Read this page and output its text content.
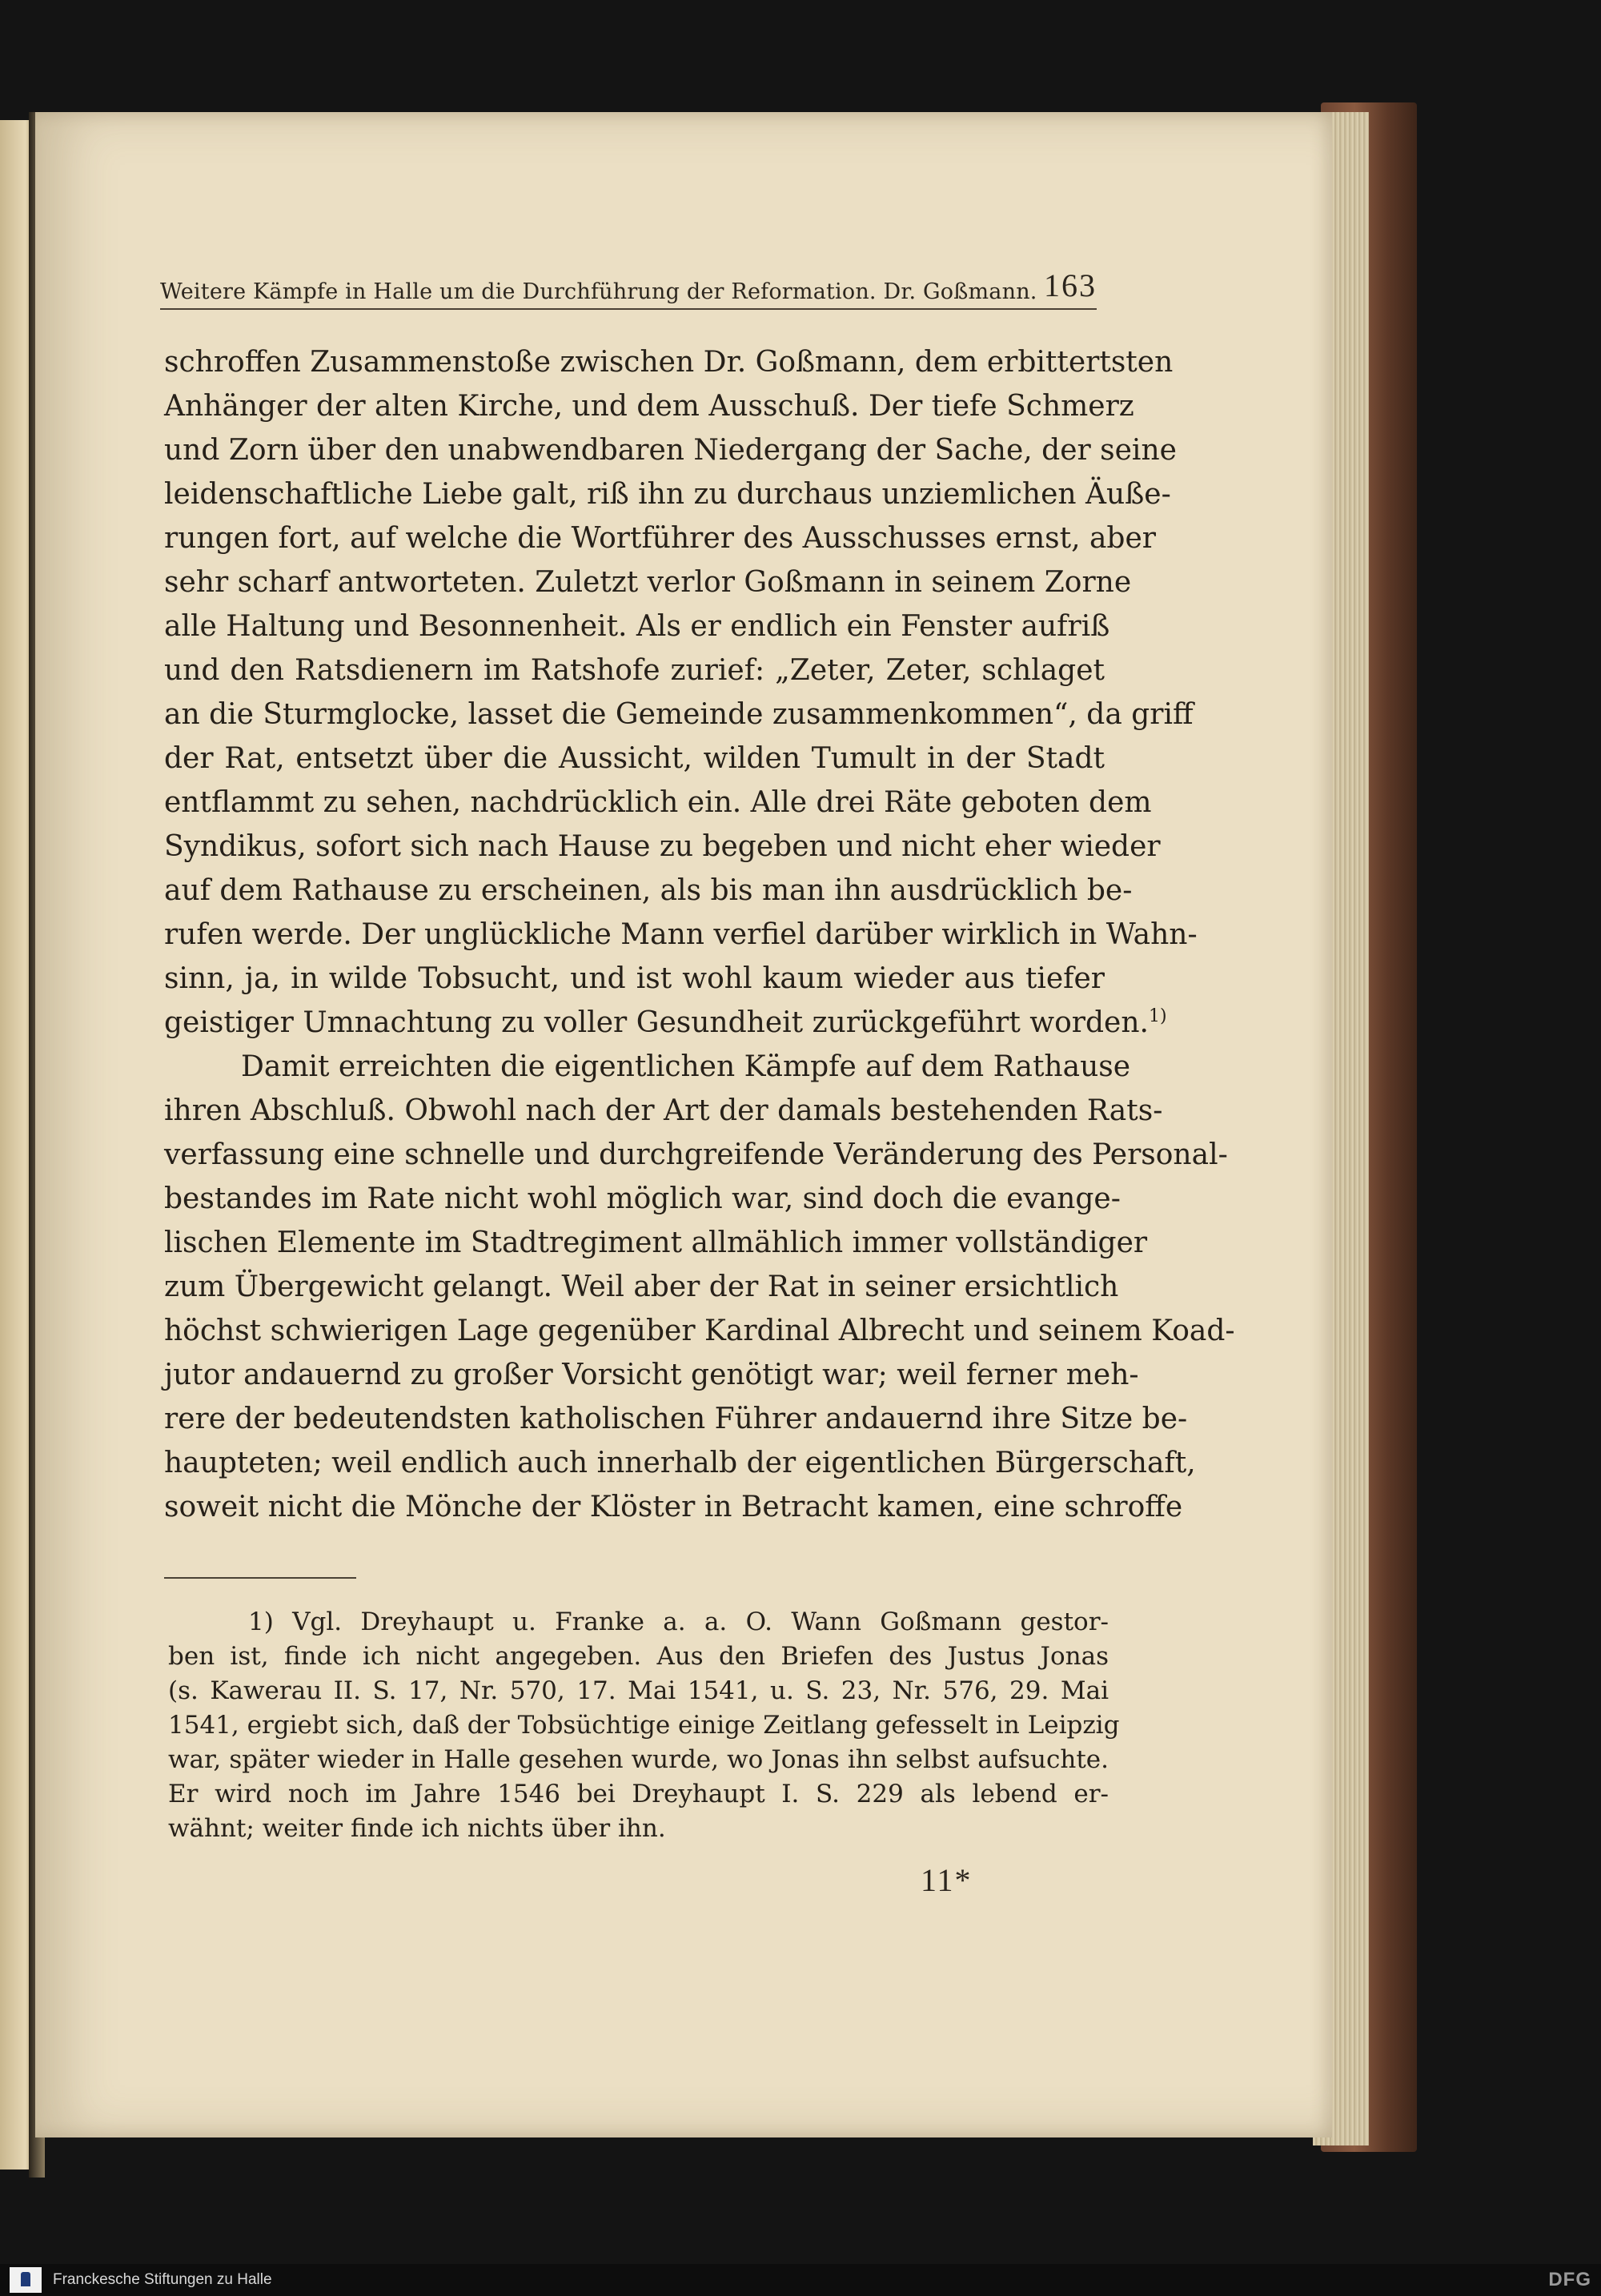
Weitere Kämpfe in Halle um die Durchführung der Reformation. Dr. Goßmann. 163
schroffen Zusammenstoße zwischen Dr. Goßmann, dem erbittertsten
Anhänger der alten Kirche, und dem Ausschuß. Der tiefe Schmerz
und Zorn über den unabwendbaren Niedergang der Sache, der seine
leidenschaftliche Liebe galt, riß ihn zu durchaus unziemlichen Äuße-
rungen fort, auf welche die Wortführer des Ausschusses ernst, aber
sehr scharf antworteten. Zuletzt verlor Goßmann in seinem Zorne
alle Haltung und Besonnenheit. Als er endlich ein Fenster aufriß
und den Ratsdienern im Ratshofe zurief: „Zeter, Zeter, schlaget
an die Sturmglocke, lasset die Gemeinde zusammenkommen“, da griff
der Rat, entsetzt über die Aussicht, wilden Tumult in der Stadt
entflammt zu sehen, nachdrücklich ein. Alle drei Räte geboten dem
Syndikus, sofort sich nach Hause zu begeben und nicht eher wieder
auf dem Rathause zu erscheinen, als bis man ihn ausdrücklich be-
rufen werde. Der unglückliche Mann verfiel darüber wirklich in Wahn-
sinn, ja, in wilde Tobsucht, und ist wohl kaum wieder aus tiefer
geistiger Umnachtung zu voller Gesundheit zurückgeführt worden.$^{1)}$
Damit erreichten die eigentlichen Kämpfe auf dem Rathause
ihren Abschluß. Obwohl nach der Art der damals bestehenden Rats-
verfassung eine schnelle und durchgreifende Veränderung des Personal-
bestandes im Rate nicht wohl möglich war, sind doch die evange-
lischen Elemente im Stadtregiment allmählich immer vollständiger
zum Übergewicht gelangt. Weil aber der Rat in seiner ersichtlich
höchst schwierigen Lage gegenüber Kardinal Albrecht und seinem Koad-
jutor andauernd zu großer Vorsicht genötigt war; weil ferner meh-
rere der bedeutendsten katholischen Führer andauernd ihre Sitze be-
haupteten; weil endlich auch innerhalb der eigentlichen Bürgerschaft,
soweit nicht die Mönche der Klöster in Betracht kamen, eine schroffe
1) Vgl. Dreyhaupt u. Franke a. a. O. Wann Goßmann gestor-
ben ist, finde ich nicht angegeben. Aus den Briefen des Justus Jonas
(s. Kawerau II. S. 17, Nr. 570, 17. Mai 1541, u. S. 23, Nr. 576, 29. Mai
1541, ergiebt sich, daß der Tobsüchtige einige Zeitlang gefesselt in Leipzig
war, später wieder in Halle gesehen wurde, wo Jonas ihn selbst aufsuchte.
Er wird noch im Jahre 1546 bei Dreyhaupt I. S. 229 als lebend er-
wähnt; weiter finde ich nichts über ihn.
11*
Franckesche Stiftungen zu Halle	DFG
